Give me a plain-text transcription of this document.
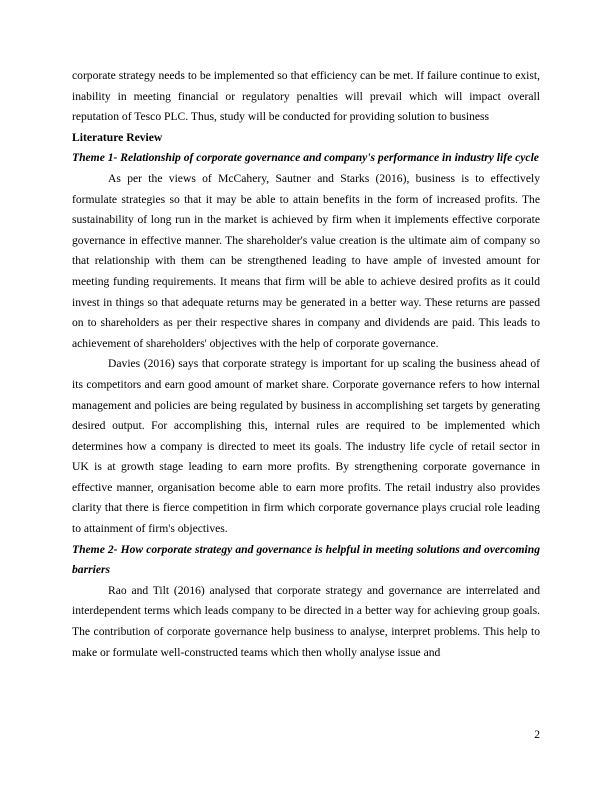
corporate strategy needs to be implemented so that efficiency can be met. If failure continue to exist, inability in meeting financial or regulatory penalties will prevail which will impact overall reputation of Tesco PLC. Thus, study will be conducted for providing solution to business

Literature Review

Theme 1- Relationship of corporate governance and company's performance in industry life cycle

As per the views of McCahery, Sautner and Starks (2016), business is to effectively formulate strategies so that it may be able to attain benefits in the form of increased profits. The sustainability of long run in the market is achieved by firm when it implements effective corporate governance in effective manner. The shareholder's value creation is the ultimate aim of company so that relationship with them can be strengthened leading to have ample of invested amount for meeting funding requirements. It means that firm will be able to achieve desired profits as it could invest in things so that adequate returns may be generated in a better way. These returns are passed on to shareholders as per their respective shares in company and dividends are paid. This leads to achievement of shareholders' objectives with the help of corporate governance.

Davies (2016) says that corporate strategy is important for up scaling the business ahead of its competitors and earn good amount of market share. Corporate governance refers to how internal management and policies are being regulated by business in accomplishing set targets by generating desired output. For accomplishing this, internal rules are required to be implemented which determines how a company is directed to meet its goals. The industry life cycle of retail sector in UK is at growth stage leading to earn more profits. By strengthening corporate governance in effective manner, organisation become able to earn more profits. The retail industry also provides clarity that there is fierce competition in firm which corporate governance plays crucial role leading to attainment of firm's objectives.

Theme 2- How corporate strategy and governance is helpful in meeting solutions and overcoming barriers

Rao and Tilt (2016) analysed that corporate strategy and governance are interrelated and interdependent terms which leads company to be directed in a better way for achieving group goals. The contribution of corporate governance help business to analyse, interpret problems. This help to make or formulate well-constructed teams which then wholly analyse issue and

2
